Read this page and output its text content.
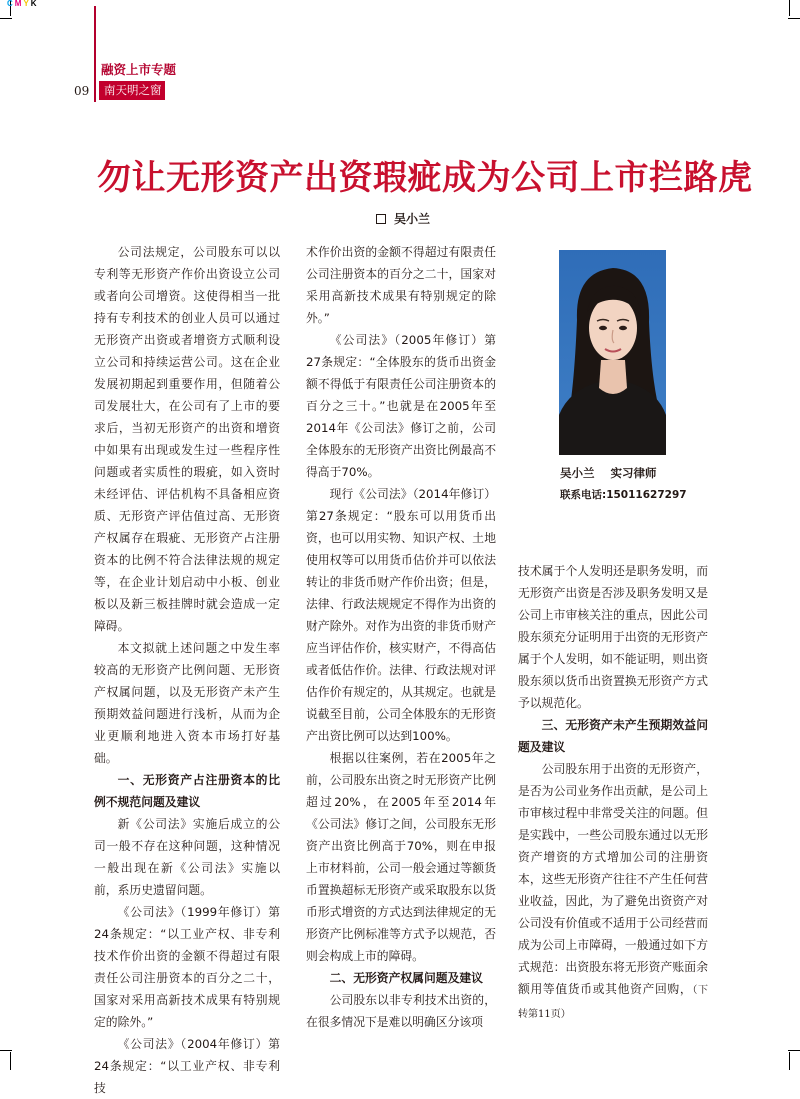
C M Y K
融资上市专题
09	南天明之窗
勿让无形资产出资瑕疵成为公司上市拦路虎
吴小兰

公司法规定，公司股东可以以专利等无形资产作价出资设立公司或者向公司增资。这使得相当一批持有专利技术的创业人员可以通过无形资产出资或者增资方式顺利设立公司和持续运营公司。这在企业发展初期起到重要作用，但随着公司发展壮大，在公司有了上市的要求后，当初无形资产的出资和增资中如果有出现或发生过一些程序性问题或者实质性的瑕疵，如入资时未经评估、评估机构不具备相应资质、无形资产评估值过高、无形资产权属存在瑕疵、无形资产占注册资本的比例不符合法律法规的规定等，在企业计划启动中小板、创业板以及新三板挂牌时就会造成一定障碍。

本文拟就上述问题之中发生率较高的无形资产比例问题、无形资产权属问题，以及无形资产未产生预期效益问题进行浅析，从而为企业更顺利地进入资本市场打好基础。

一、无形资产占注册资本的比例不规范问题及建议

新《公司法》实施后成立的公司一般不存在这种问题，这种情况一般出现在新《公司法》实施以前，系历史遗留问题。

《公司法》（1999年修订）第24条规定：“以工业产权、非专利技术作价出资的金额不得超过有限责任公司注册资本的百分之二十，国家对采用高新技术成果有特别规定的除外。”

《公司法》（2004年修订）第24条规定：“以工业产权、非专利技

术作价出资的金额不得超过有限责任公司注册资本的百分之二十，国家对采用高新技术成果有特别规定的除外。”

《公司法》（2005年修订）第27条规定：“全体股东的货币出资金额不得低于有限责任公司注册资本的百分之三十。”也就是在2005年至2014年《公司法》修订之前，公司全体股东的无形资产出资比例最高不得高于70%。

现行《公司法》（2014年修订）第27条规定：“股东可以用货币出资，也可以用实物、知识产权、土地使用权等可以用货币估价并可以依法转让的非货币财产作价出资；但是，法律、行政法规规定不得作为出资的财产除外。对作为出资的非货币财产应当评估作价，核实财产，不得高估或者低估作价。法律、行政法规对评估作价有规定的，从其规定。也就是说截至目前，公司全体股东的无形资产出资比例可以达到100%。

根据以往案例，若在2005年之前，公司股东出资之时无形资产比例超过20%，在2005年至2014年《公司法》修订之间，公司股东无形资产出资比例高于70%，则在申报上市材料前，公司一般会通过等额货币置换超标无形资产或采取股东以货币形式增资的方式达到法律规定的无形资产比例标准等方式予以规范，否则会构成上市的障碍。

二、无形资产权属问题及建议

公司股东以非专利技术出资的，在很多情况下是难以明确区分该项

吴小兰 实习律师
联系电话:15011627297

技术属于个人发明还是职务发明，而无形资产出资是否涉及职务发明又是公司上市审核关注的重点，因此公司股东须充分证明用于出资的无形资产属于个人发明，如不能证明，则出资股东须以货币出资置换无形资产方式予以规范化。

三、无形资产未产生预期效益问题及建议

公司股东用于出资的无形资产，是否为公司业务作出贡献，是公司上市审核过程中非常受关注的问题。但是实践中，一些公司股东通过以无形资产增资的方式增加公司的注册资本，这些无形资产往往不产生任何营业收益，因此，为了避免出资资产对公司没有价值或不适用于公司经营而成为公司上市障碍，一般通过如下方式规范：出资股东将无形资产账面余额用等值货币或其他资产回购，（下转第11页）
